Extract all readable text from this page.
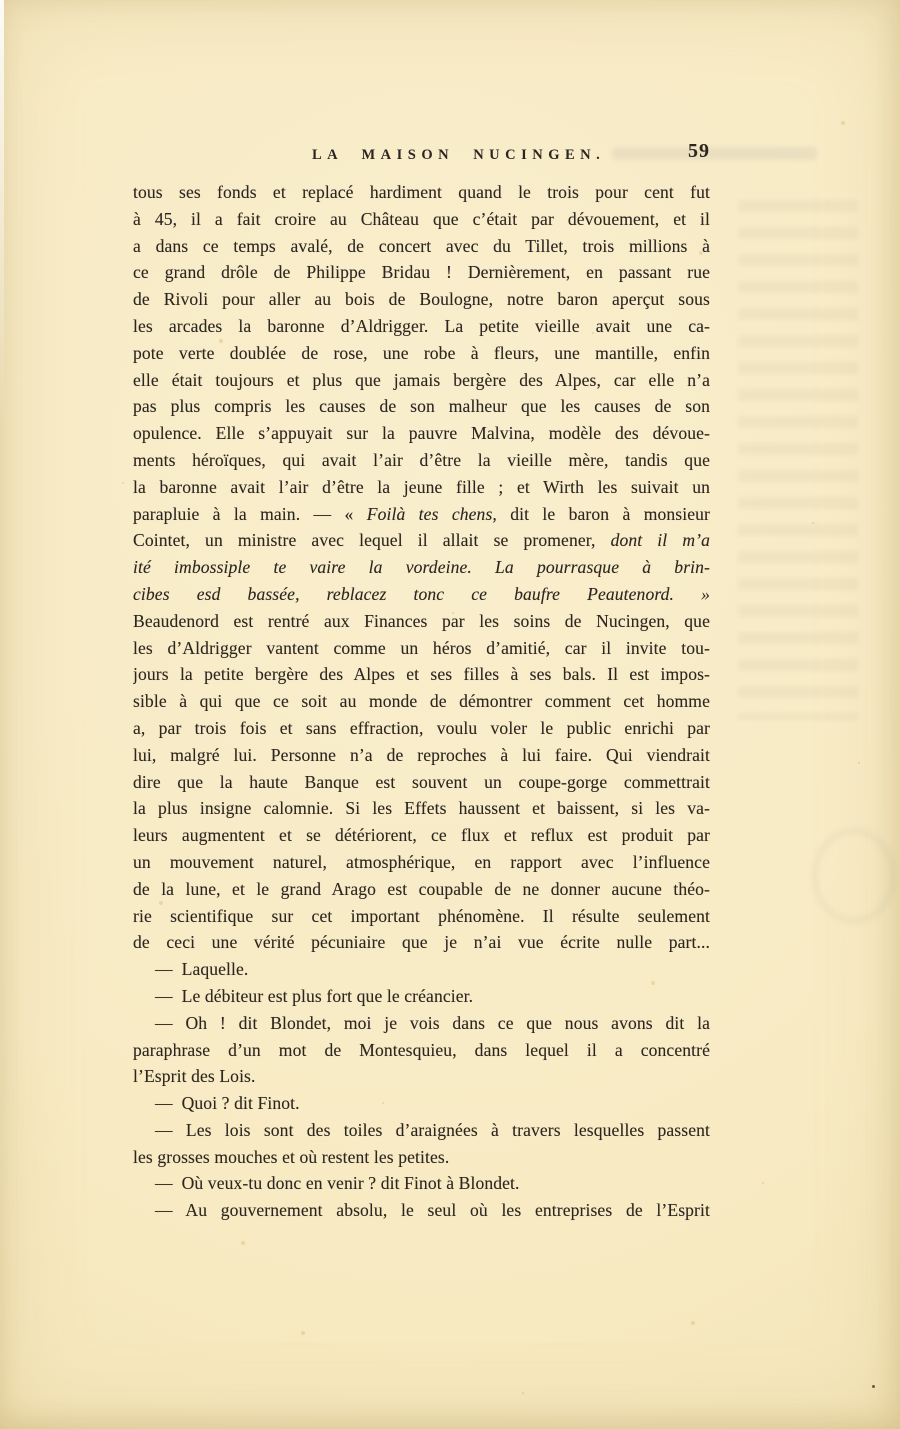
LA MAISON NUCINGEN.	59
tous ses fonds et replacé hardiment quand le trois pour cent fut
à 45, il a fait croire au Château que c’était par dévouement, et il
a dans ce temps avalé, de concert avec du Tillet, trois millions à
ce grand drôle de Philippe Bridau ! Dernièrement, en passant rue
de Rivoli pour aller au bois de Boulogne, notre baron aperçut sous
les arcades la baronne d’Aldrigger. La petite vieille avait une ca-
pote verte doublée de rose, une robe à fleurs, une mantille, enfin
elle était toujours et plus que jamais bergère des Alpes, car elle n’a
pas plus compris les causes de son malheur que les causes de son
opulence. Elle s’appuyait sur la pauvre Malvina, modèle des dévoue-
ments héroïques, qui avait l’air d’être la vieille mère, tandis que
la baronne avait l’air d’être la jeune fille ; et Wirth les suivait un
parapluie à la main. — « Foilà tes chens, dit le baron à monsieur
Cointet, un ministre avec lequel il allait se promener, dont il m’a
ité imbossiple te vaire la vordeine. La pourrasque à brin-
cibes esd bassée, reblacez tonc ce baufre Peautenord. »
Beaudenord est rentré aux Finances par les soins de Nucingen, que
les d’Aldrigger vantent comme un héros d’amitié, car il invite tou-
jours la petite bergère des Alpes et ses filles à ses bals. Il est impos-
sible à qui que ce soit au monde de démontrer comment cet homme
a, par trois fois et sans effraction, voulu voler le public enrichi par
lui, malgré lui. Personne n’a de reproches à lui faire. Qui viendrait
dire que la haute Banque est souvent un coupe-gorge commettrait
la plus insigne calomnie. Si les Effets haussent et baissent, si les va-
leurs augmentent et se détériorent, ce flux et reflux est produit par
un mouvement naturel, atmosphérique, en rapport avec l’influence
de la lune, et le grand Arago est coupable de ne donner aucune théo-
rie scientifique sur cet important phénomène. Il résulte seulement
de ceci une vérité pécuniaire que je n’ai vue écrite nulle part...
— Laquelle.
— Le débiteur est plus fort que le créancier.
— Oh ! dit Blondet, moi je vois dans ce que nous avons dit la
paraphrase d’un mot de Montesquieu, dans lequel il a concentré
l’Esprit des Lois.
— Quoi ? dit Finot.
— Les lois sont des toiles d’araignées à travers lesquelles passent
les grosses mouches et où restent les petites.
— Où veux-tu donc en venir ? dit Finot à Blondet.
— Au gouvernement absolu, le seul où les entreprises de l’Esprit
